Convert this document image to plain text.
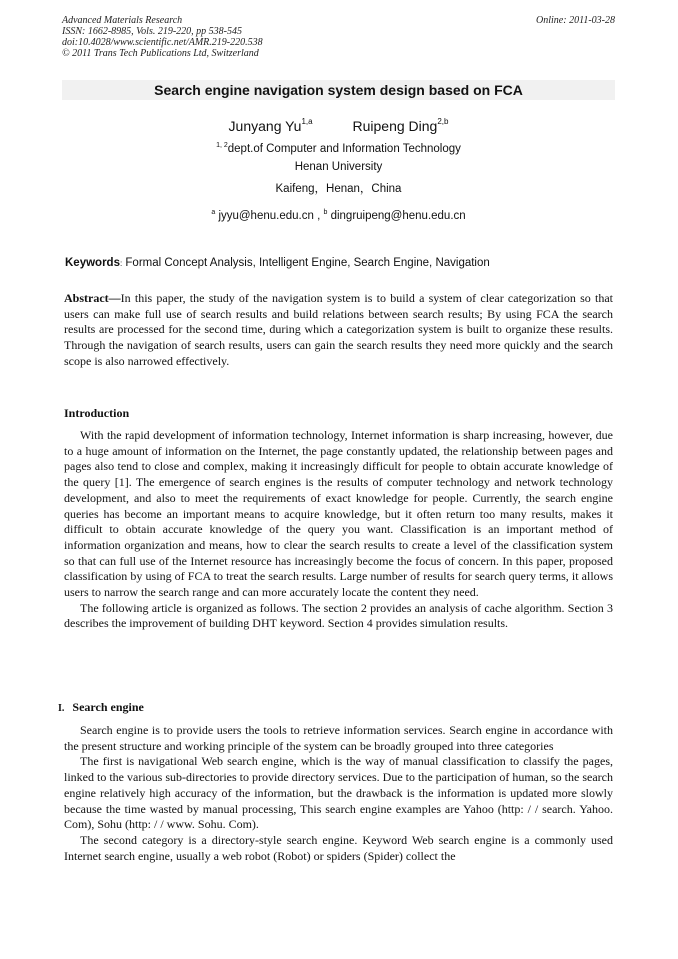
Advanced Materials Research
ISSN: 1662-8985, Vols. 219-220, pp 538-545
doi:10.4028/www.scientific.net/AMR.219-220.538
© 2011 Trans Tech Publications Ltd, Switzerland
Online: 2011-03-28
Search engine navigation system design based on FCA
Junyang Yu$^{1,a}$	Ruipeng Ding$^{2,b}$
$^{1, 2}$dept.of Computer and Information Technology
Henan University
Kaifeng，Henan，China
$^a$ jyyu@henu.edu.cn , $^b$ dingruipeng@henu.edu.cn
Keywords: Formal Concept Analysis, Intelligent Engine, Search Engine, Navigation

Abstract—In this paper, the study of the navigation system is to build a system of clear categorization so that users can make full use of search results and build relations between search results; By using FCA the search results are processed for the second time, during which a categorization system is built to organize these results. Through the navigation of search results, users can gain the search results they need more quickly and the search scope is also narrowed effectively.

Introduction

With the rapid development of information technology, Internet information is sharp increasing, however, due to a huge amount of information on the Internet, the page constantly updated, the relationship between pages and pages also tend to close and complex, making it increasingly difficult for people to obtain accurate knowledge of the query [1]. The emergence of search engines is the results of computer technology and network technology development, and also to meet the requirements of exact knowledge for people. Currently, the search engine queries has become an important means to acquire knowledge, but it often return too many results, makes it difficult to obtain accurate knowledge of the query you want. Classification is an important method of information organization and means, how to clear the search results to create a level of the classification system so that can full use of the Internet resource has increasingly become the focus of concern. In this paper, proposed classification by using of FCA to treat the search results. Large number of results for search query terms, it allows users to narrow the search range and can more accurately locate the content they need.

The following article is organized as follows. The section 2 provides an analysis of cache algorithm. Section 3 describes the improvement of building DHT keyword. Section 4 provides simulation results.

I. Search engine

Search engine is to provide users the tools to retrieve information services. Search engine in accordance with the present structure and working principle of the system can be broadly grouped into three categories

The first is navigational Web search engine, which is the way of manual classification to classify the pages, linked to the various sub-directories to provide directory services. Due to the participation of human, so the search engine relatively high accuracy of the information, but the drawback is the information is updated more slowly because the time wasted by manual processing, This search engine examples are Yahoo (http: / / search. Yahoo. Com), Sohu (http: / / www. Sohu. Com).

The second category is a directory-style search engine. Keyword Web search engine is a commonly used Internet search engine, usually a web robot (Robot) or spiders (Spider) collect the
